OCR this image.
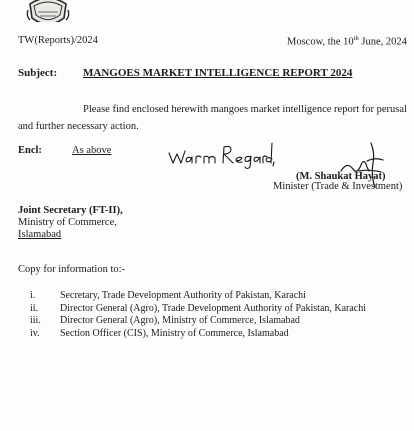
TW(Reports)/2024	Moscow, the 10th June, 2024
Subject: MANGOES MARKET INTELLIGENCE REPORT 2024
Please find enclosed herewith mangoes market intelligence report for perusal and further necessary action.
Encl:	As above
(M. Shaukat Hayat)
Minister (Trade & Investment)
Joint Secretary (FT-II),
Ministry of Commerce,
Islamabad
Copy for information to:-
i. Secretary, Trade Development Authority of Pakistan, Karachi
ii. Director General (Agro), Trade Development Authority of Pakistan, Karachi
iii. Director General (Agro), Ministry of Commerce, Islamabad
iv. Section Officer (CIS), Ministry of Commerce, Islamabad
